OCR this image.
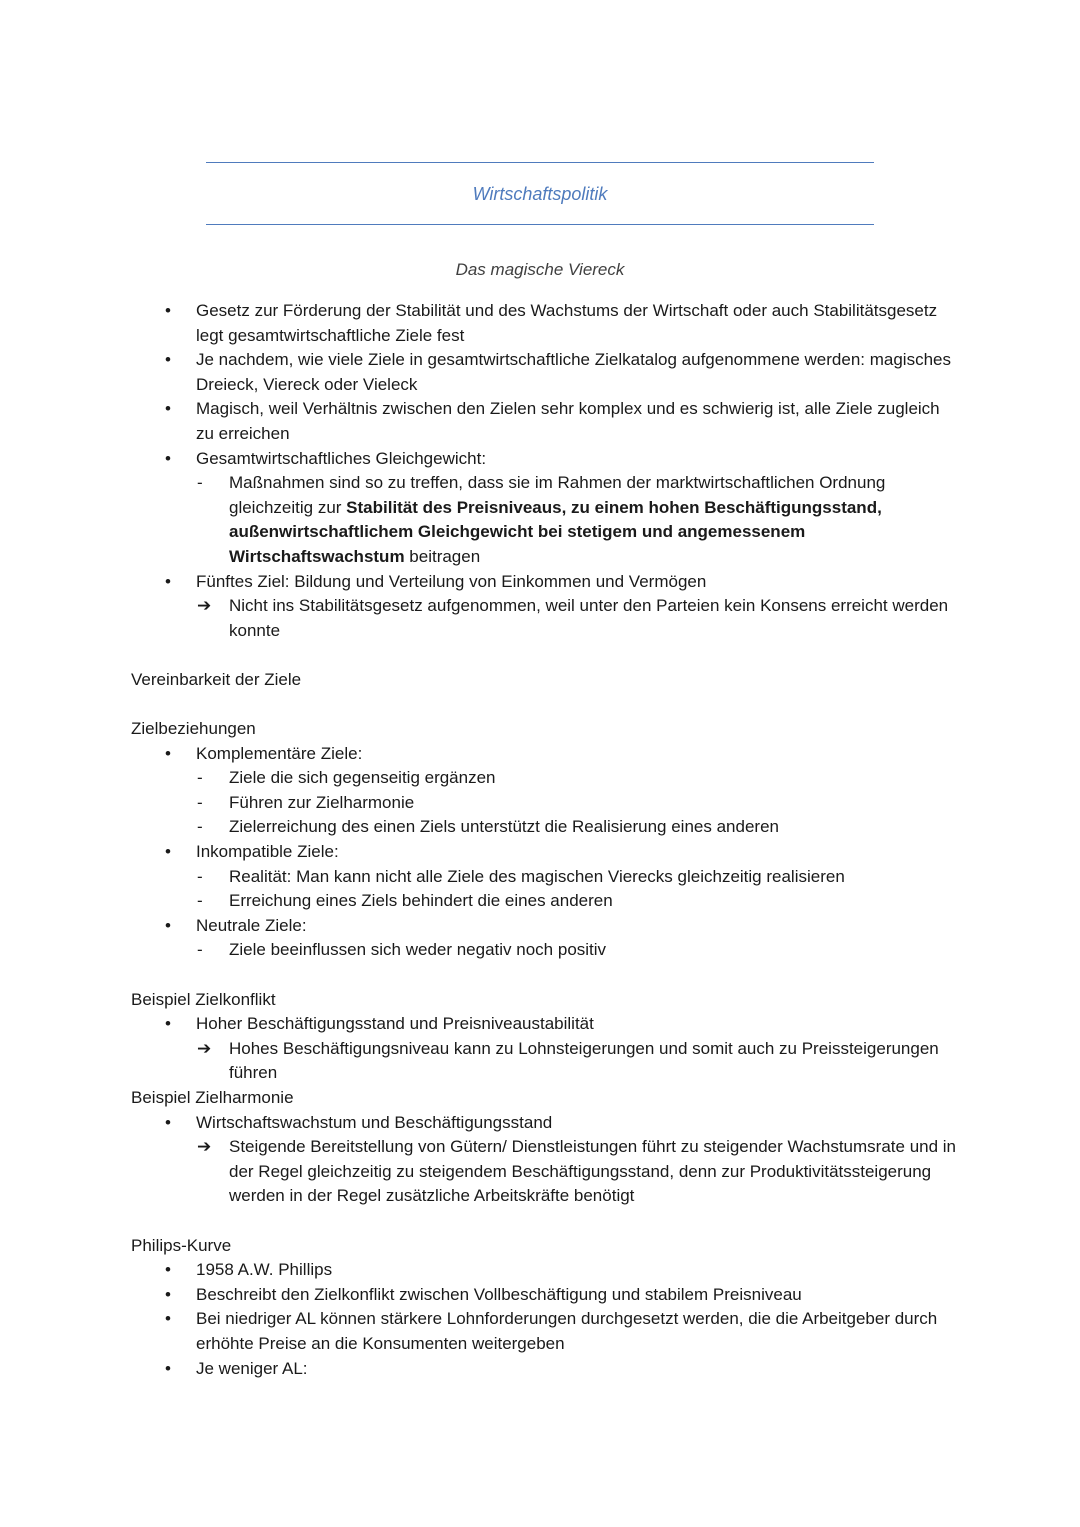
Wirtschaftspolitik
Das magische Viereck
• Gesetz zur Förderung der Stabilität und des Wachstums der Wirtschaft oder auch Stabilitätsgesetz legt gesamtwirtschaftliche Ziele fest
• Je nachdem, wie viele Ziele in gesamtwirtschaftliche Zielkatalog aufgenommene werden: magisches Dreieck, Viereck oder Vieleck
• Magisch, weil Verhältnis zwischen den Zielen sehr komplex und es schwierig ist, alle Ziele zugleich zu erreichen
• Gesamtwirtschaftliches Gleichgewicht:
- Maßnahmen sind so zu treffen, dass sie im Rahmen der marktwirtschaftlichen Ordnung gleichzeitig zur Stabilität des Preisniveaus, zu einem hohen Beschäftigungsstand, außenwirtschaftlichem Gleichgewicht bei stetigem und angemessenem Wirtschaftswachstum beitragen
• Fünftes Ziel: Bildung und Verteilung von Einkommen und Vermögen
➔ Nicht ins Stabilitätsgesetz aufgenommen, weil unter den Parteien kein Konsens erreicht werden konnte
Vereinbarkeit der Ziele
Zielbeziehungen
• Komplementäre Ziele:
- Ziele die sich gegenseitig ergänzen
- Führen zur Zielharmonie
- Zielerreichung des einen Ziels unterstützt die Realisierung eines anderen
• Inkompatible Ziele:
- Realität: Man kann nicht alle Ziele des magischen Vierecks gleichzeitig realisieren
- Erreichung eines Ziels behindert die eines anderen
• Neutrale Ziele:
- Ziele beeinflussen sich weder negativ noch positiv
Beispiel Zielkonflikt
• Hoher Beschäftigungsstand und Preisniveaustabilität
➔ Hohes Beschäftigungsniveau kann zu Lohnsteigerungen und somit auch zu Preissteigerungen führen
Beispiel Zielharmonie
• Wirtschaftswachstum und Beschäftigungsstand
➔ Steigende Bereitstellung von Gütern/ Dienstleistungen führt zu steigender Wachstumsrate und in der Regel gleichzeitig zu steigendem Beschäftigungsstand, denn zur Produktivitätssteigerung werden in der Regel zusätzliche Arbeitskräfte benötigt
Philips-Kurve
• 1958 A.W. Phillips
• Beschreibt den Zielkonflikt zwischen Vollbeschäftigung und stabilem Preisniveau
• Bei niedriger AL können stärkere Lohnforderungen durchgesetzt werden, die die Arbeitgeber durch erhöhte Preise an die Konsumenten weitergeben
• Je weniger AL:
